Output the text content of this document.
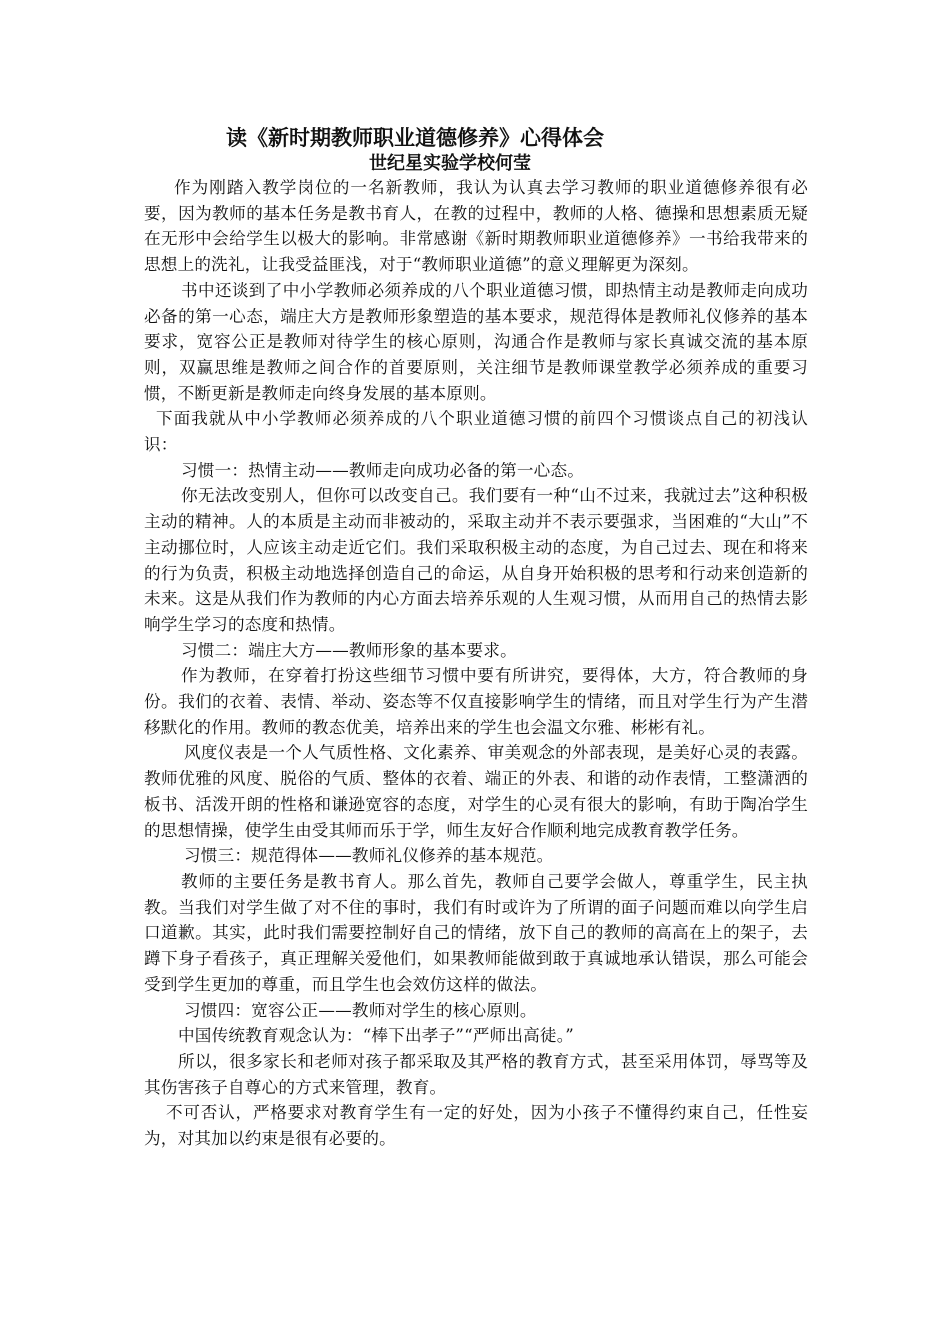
读《新时期教师职业道德修养》心得体会
世纪星实验学校何莹

作为刚踏入教学岗位的一名新教师，我认为认真去学习教师的职业道德修养很有必要，因为教师的基本任务是教书育人，在教的过程中，教师的人格、德操和思想素质无疑在无形中会给学生以极大的影响。非常感谢《新时期教师职业道德修养》一书给我带来的思想上的洗礼，让我受益匪浅，对于“教师职业道德”的意义理解更为深刻。

书中还谈到了中小学教师必须养成的八个职业道德习惯，即热情主动是教师走向成功必备的第一心态，端庄大方是教师形象塑造的基本要求，规范得体是教师礼仪修养的基本要求，宽容公正是教师对待学生的核心原则，沟通合作是教师与家长真诚交流的基本原则，双赢思维是教师之间合作的首要原则，关注细节是教师课堂教学必须养成的重要习惯，不断更新是教师走向终身发展的基本原则。

下面我就从中小学教师必须养成的八个职业道德习惯的前四个习惯谈点自己的初浅认识：

习惯一：热情主动——教师走向成功必备的第一心态。

你无法改变别人，但你可以改变自己。我们要有一种“山不过来，我就过去”这种积极主动的精神。人的本质是主动而非被动的，采取主动并不表示要强求，当困难的“大山”不主动挪位时，人应该主动走近它们。我们采取积极主动的态度，为自己过去、现在和将来的行为负责，积极主动地选择创造自己的命运，从自身开始积极的思考和行动来创造新的未来。这是从我们作为教师的内心方面去培养乐观的人生观习惯，从而用自己的热情去影响学生学习的态度和热情。

习惯二：端庄大方——教师形象的基本要求。

作为教师，在穿着打扮这些细节习惯中要有所讲究，要得体，大方，符合教师的身份。我们的衣着、表情、举动、姿态等不仅直接影响学生的情绪，而且对学生行为产生潜移默化的作用。教师的教态优美，培养出来的学生也会温文尔雅、彬彬有礼。

风度仪表是一个人气质性格、文化素养、审美观念的外部表现，是美好心灵的表露。教师优雅的风度、脱俗的气质、整体的衣着、端正的外表、和谐的动作表情，工整潇洒的板书、活泼开朗的性格和谦逊宽容的态度，对学生的心灵有很大的影响，有助于陶冶学生的思想情操，使学生由受其师而乐于学，师生友好合作顺利地完成教育教学任务。

习惯三：规范得体——教师礼仪修养的基本规范。

教师的主要任务是教书育人。那么首先，教师自己要学会做人，尊重学生，民主执教。当我们对学生做了对不住的事时，我们有时或许为了所谓的面子问题而难以向学生启口道歉。其实，此时我们需要控制好自己的情绪，放下自己的教师的高高在上的架子，去蹲下身子看孩子，真正理解关爱他们，如果教师能做到敢于真诚地承认错误，那么可能会受到学生更加的尊重，而且学生也会效仿这样的做法。

习惯四：宽容公正——教师对学生的核心原则。

中国传统教育观念认为：“棒下出孝子”“严师出高徒。”

所以，很多家长和老师对孩子都采取及其严格的教育方式，甚至采用体罚，辱骂等及其伤害孩子自尊心的方式来管理，教育。

不可否认，严格要求对教育学生有一定的好处，因为小孩子不懂得约束自己，任性妄为，对其加以约束是很有必要的。
